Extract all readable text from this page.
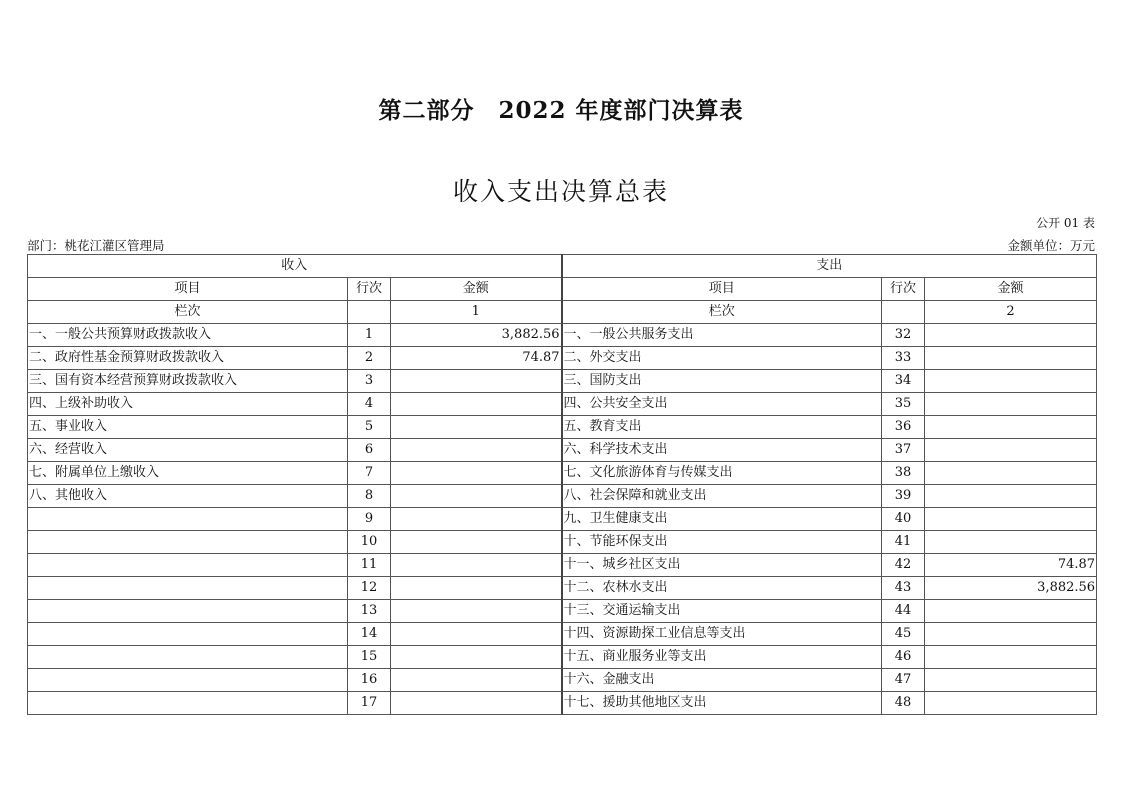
第二部分　2022 年度部门决算表
收入支出决算总表
公开 01 表
部门：桃花江灌区管理局	金额单位：万元
收入			支出		
项目	行次	金额	项目	行次	金额
栏次		1	栏次		2
一、一般公共预算财政拨款收入	1	3,882.56	一、一般公共服务支出	32	
二、政府性基金预算财政拨款收入	2	74.87	二、外交支出	33	
三、国有资本经营预算财政拨款收入	3		三、国防支出	34	
四、上级补助收入	4		四、公共安全支出	35	
五、事业收入	5		五、教育支出	36	
六、经营收入	6		六、科学技术支出	37	
七、附属单位上缴收入	7		七、文化旅游体育与传媒支出	38	
八、其他收入	8		八、社会保障和就业支出	39	
	9		九、卫生健康支出	40	
	10		十、节能环保支出	41	
	11		十一、城乡社区支出	42	74.87
	12		十二、农林水支出	43	3,882.56
	13		十三、交通运输支出	44	
	14		十四、资源勘探工业信息等支出	45	
	15		十五、商业服务业等支出	46	
	16		十六、金融支出	47	
	17		十七、援助其他地区支出	48	
